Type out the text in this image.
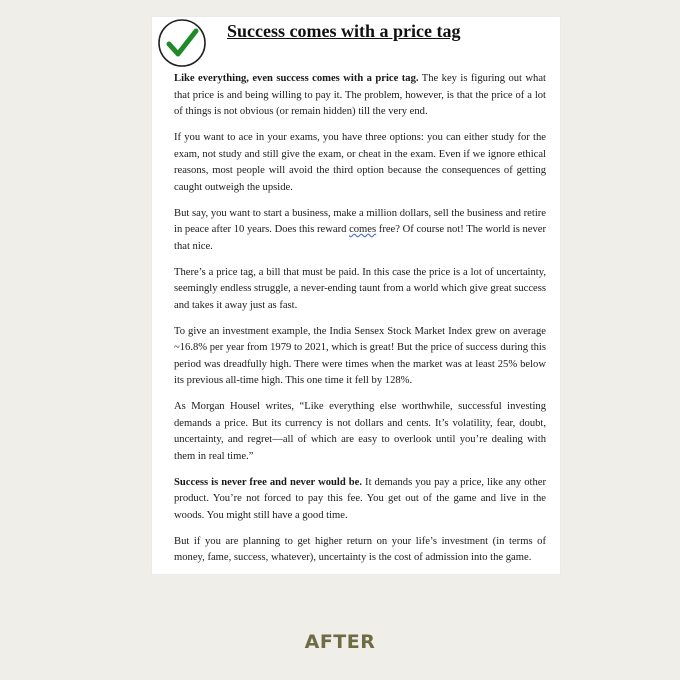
Success comes with a price tag

Like everything, even success comes with a price tag. The key is figuring out what that price is and being willing to pay it. The problem, however, is that the price of a lot of things is not obvious (or remain hidden) till the very end.

If you want to ace in your exams, you have three options: you can either study for the exam, not study and still give the exam, or cheat in the exam. Even if we ignore ethical reasons, most people will avoid the third option because the consequences of getting caught outweigh the upside.

But say, you want to start a business, make a million dollars, sell the business and retire in peace after 10 years. Does this reward comes free? Of course not! The world is never that nice.

There’s a price tag, a bill that must be paid. In this case the price is a lot of uncertainty, seemingly endless struggle, a never-ending taunt from a world which give great success and takes it away just as fast.

To give an investment example, the India Sensex Stock Market Index grew on average ~16.8% per year from 1979 to 2021, which is great! But the price of success during this period was dreadfully high. There were times when the market was at least 25% below its previous all-time high. This one time it fell by 128%.

As Morgan Housel writes, “Like everything else worthwhile, successful investing demands a price. But its currency is not dollars and cents. It’s volatility, fear, doubt, uncertainty, and regret—all of which are easy to overlook until you’re dealing with them in real time.”

Success is never free and never would be. It demands you pay a price, like any other product. You’re not forced to pay this fee. You get out of the game and live in the woods. You might still have a good time.

But if you are planning to get higher return on your life’s investment (in terms of money, fame, success, whatever), uncertainty is the cost of admission into the game.

AFTER
